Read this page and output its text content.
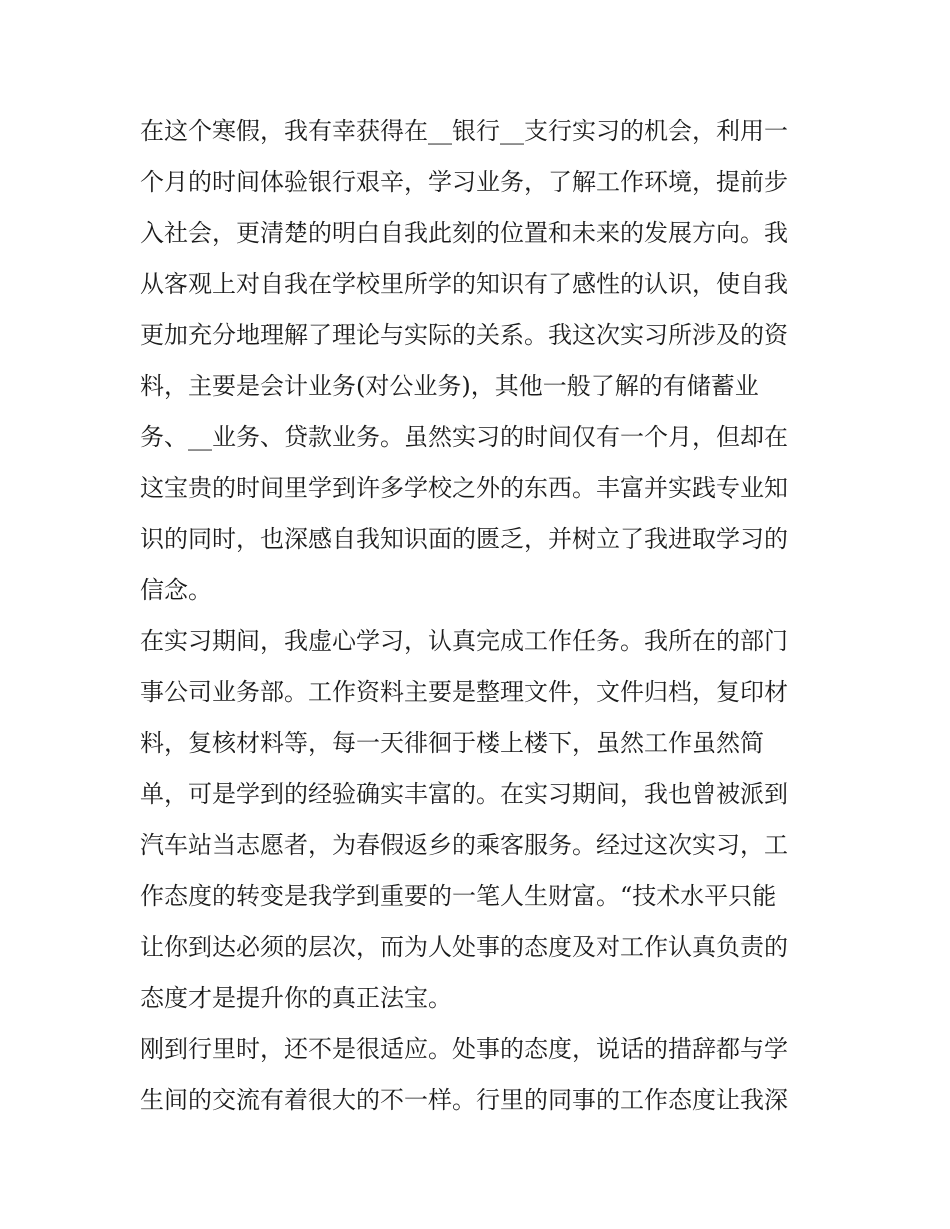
在这个寒假，我有幸获得在__银行__支行实习的机会，利用一
个月的时间体验银行艰辛，学习业务，了解工作环境，提前步
入社会，更清楚的明白自我此刻的位置和未来的发展方向。我
从客观上对自我在学校里所学的知识有了感性的认识，使自我
更加充分地理解了理论与实际的关系。我这次实习所涉及的资
料，主要是会计业务(对公业务)，其他一般了解的有储蓄业
务、__业务、贷款业务。虽然实习的时间仅有一个月，但却在
这宝贵的时间里学到许多学校之外的东西。丰富并实践专业知
识的同时，也深感自我知识面的匮乏，并树立了我进取学习的
信念。
在实习期间，我虚心学习，认真完成工作任务。我所在的部门
事公司业务部。工作资料主要是整理文件，文件归档，复印材
料，复核材料等，每一天徘徊于楼上楼下，虽然工作虽然简
单，可是学到的经验确实丰富的。在实习期间，我也曾被派到
汽车站当志愿者，为春假返乡的乘客服务。经过这次实习，工
作态度的转变是我学到重要的一笔人生财富。“技术水平只能
让你到达必须的层次，而为人处事的态度及对工作认真负责的
态度才是提升你的真正法宝。
刚到行里时，还不是很适应。处事的态度，说话的措辞都与学
生间的交流有着很大的不一样。行里的同事的工作态度让我深
